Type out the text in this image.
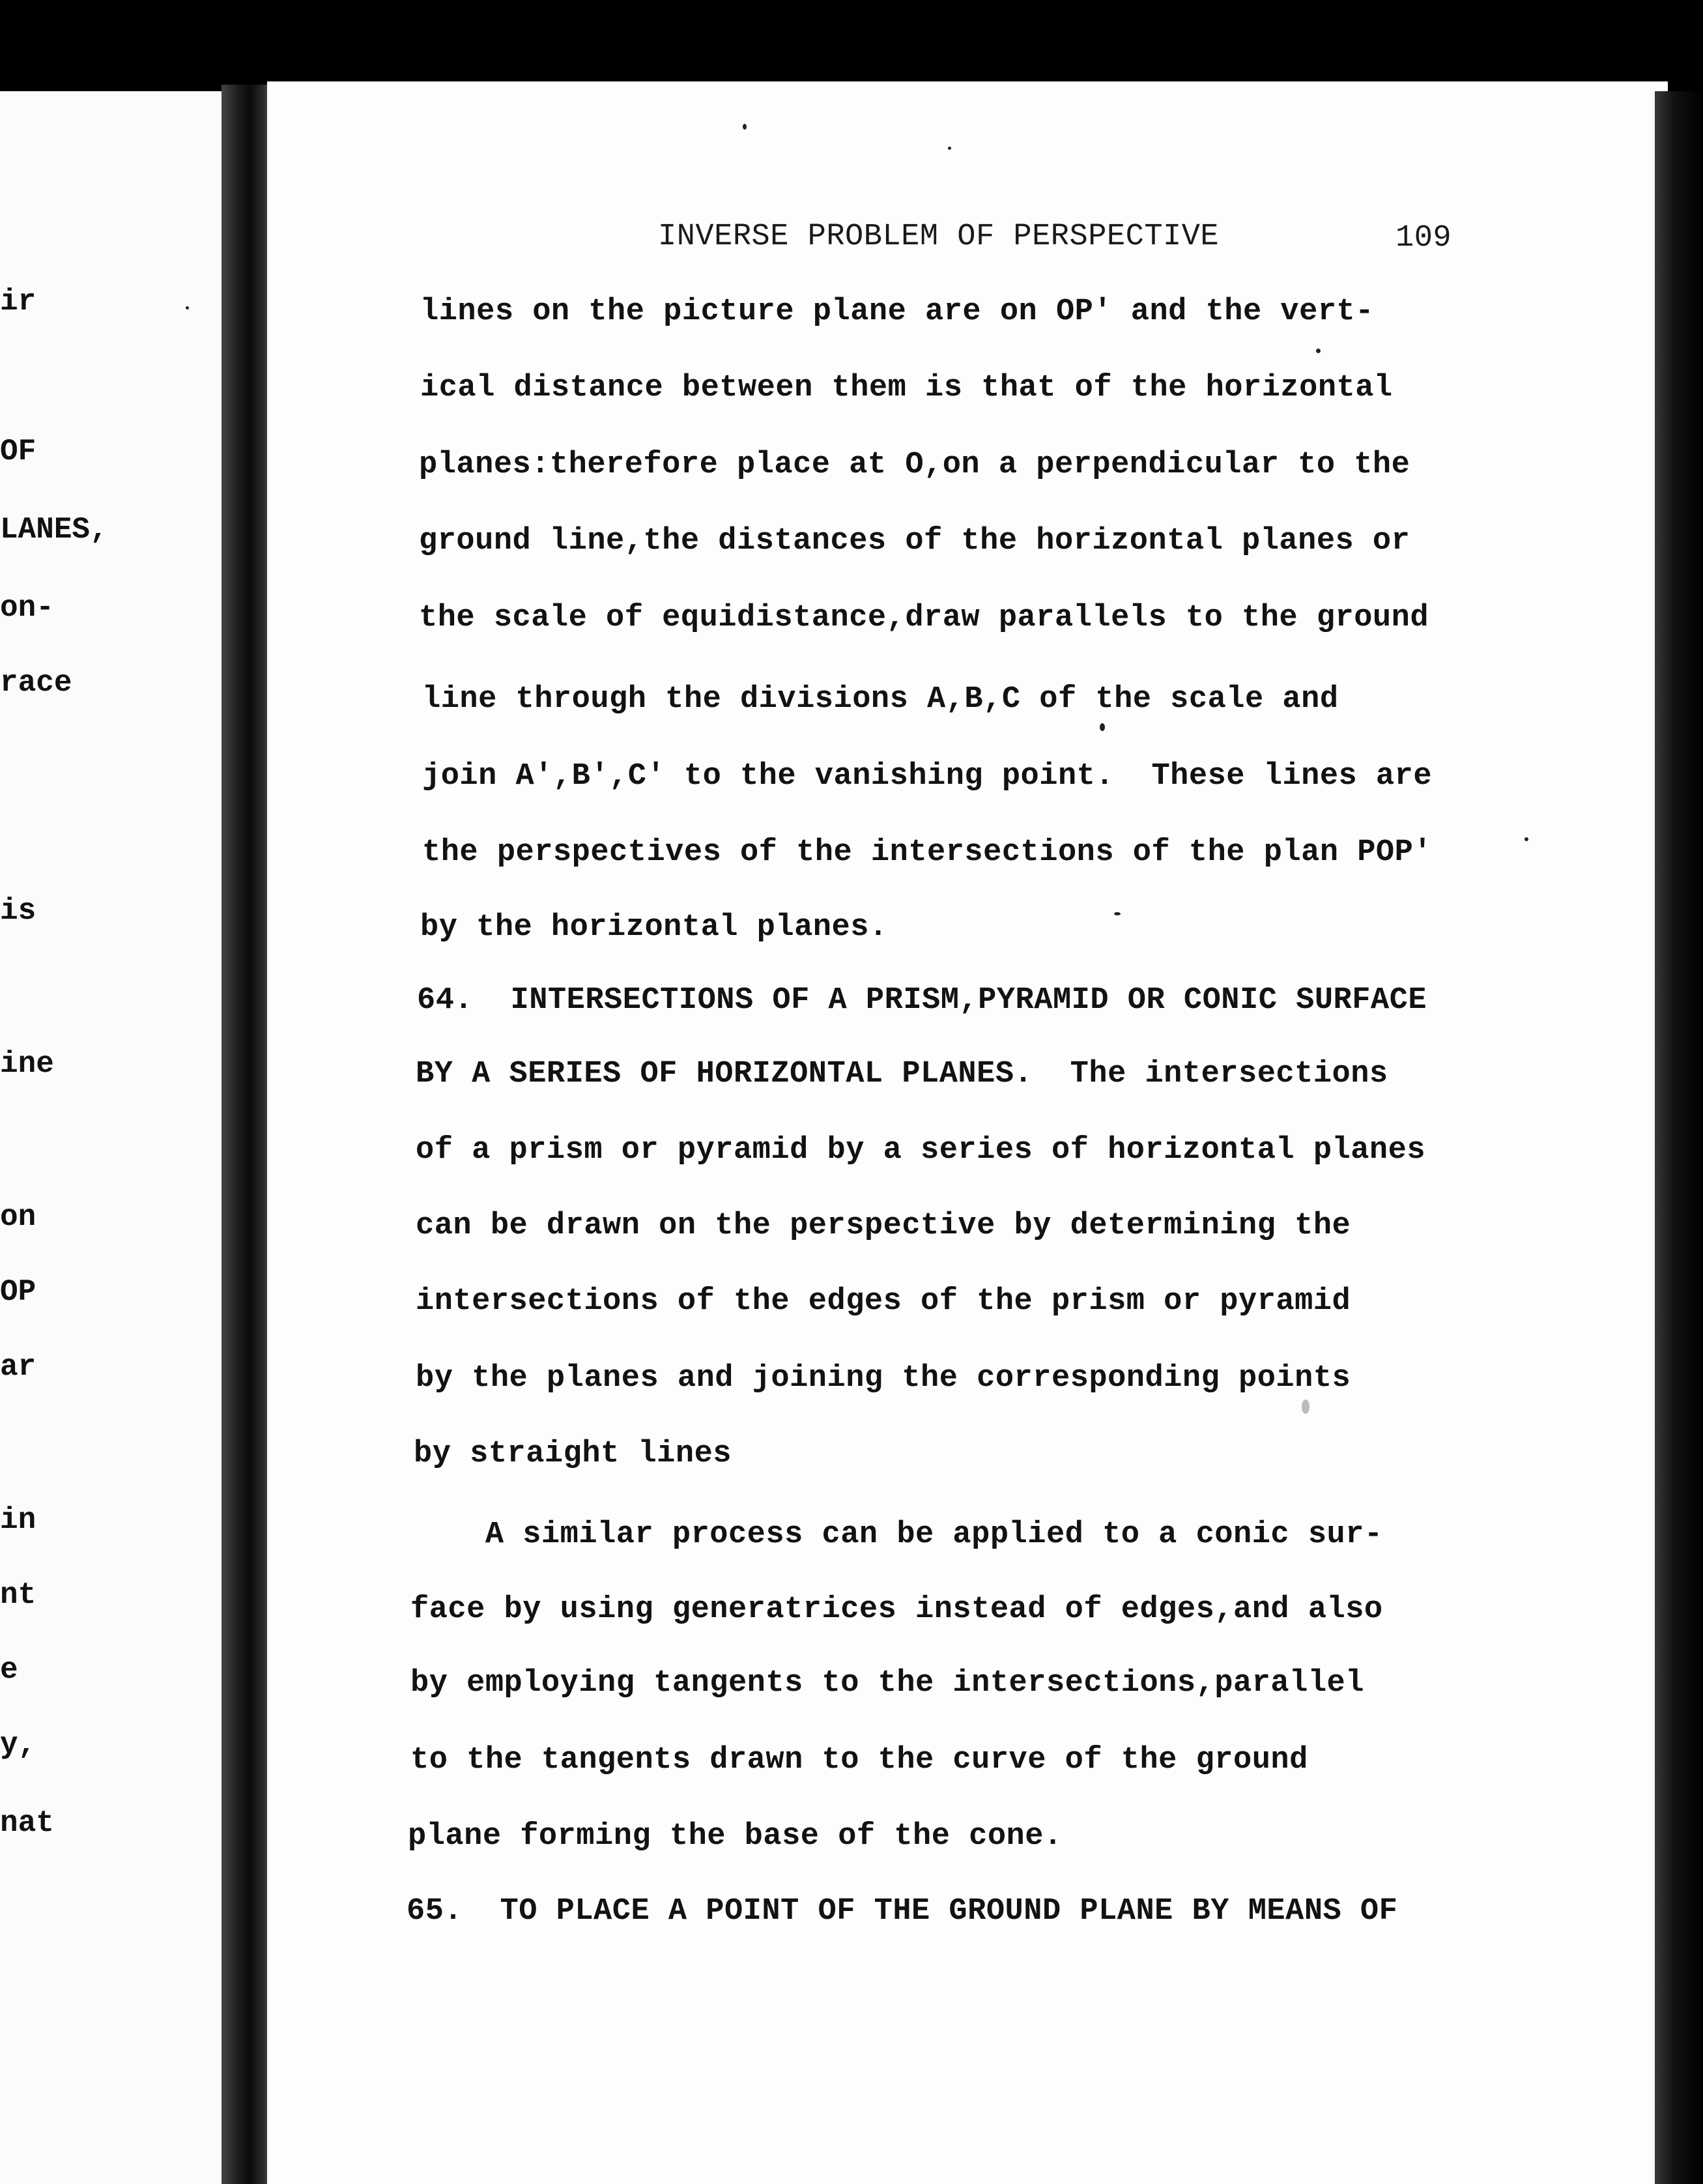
ir
OF
LANES,
on-
race
is
ine
on
OP
ar
in
nt
e
y,
nat
INVERSE PROBLEM OF PERSPECTIVE	109
lines on the picture plane are on OP′ and the vert-
ical distance between them is that of the horizontal
planes:therefore place at O,on a perpendicular to the
ground line,the distances of the horizontal planes or
the scale of equidistance,draw parallels to the ground
line through the divisions A,B,C of the scale and
join A′,B′,C′ to the vanishing point.  These lines are
the perspectives of the intersections of the plan POP′
by the horizontal planes.
64.  INTERSECTIONS OF A PRISM,PYRAMID OR CONIC SURFACE
BY A SERIES OF HORIZONTAL PLANES.  The intersections
of a prism or pyramid by a series of horizontal planes
can be drawn on the perspective by determining the
intersections of the edges of the prism or pyramid
by the planes and joining the corresponding points
by straight lines
A similar process can be applied to a conic sur-
face by using generatrices instead of edges,and also
by employing tangents to the intersections,parallel
to the tangents drawn to the curve of the ground
plane forming the base of the cone.
65.  TO PLACE A POINT OF THE GROUND PLANE BY MEANS OF
